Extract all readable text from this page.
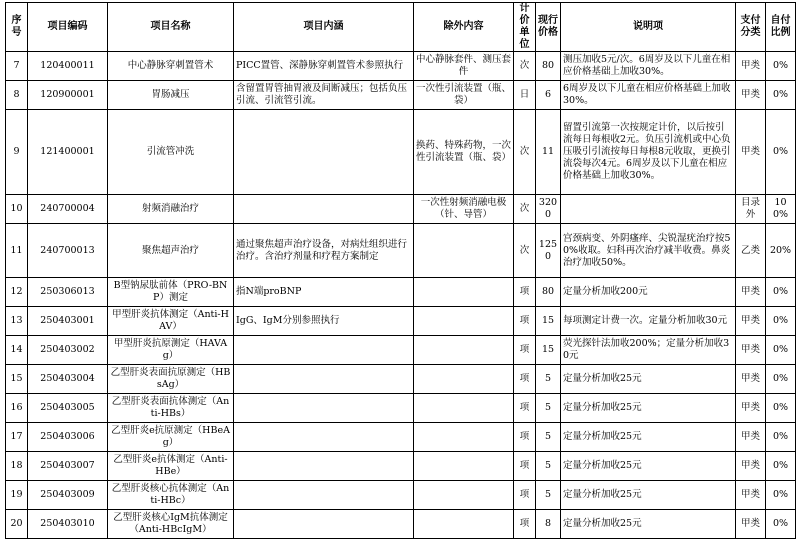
序号	项目编码	项目名称	项目内涵	除外内容	计价单位	现行价格	说明项	支付分类	自付比例
7	120400011	中心静脉穿刺置管术	PICC置管、深静脉穿刺置管术参照执行	中心静脉套件、测压套件	次	80	测压加收5元/次。6周岁及以下儿童在相应价格基础上加收30%。	甲类	0%
8	120900001	胃肠减压	含留置胃管抽胃液及间断减压；包括负压引流、引流管引流。	一次性引流装置（瓶、袋）	日	6	6周岁及以下儿童在相应价格基础上加收30%。	甲类	0%
9	121400001	引流管冲洗		换药、特殊药物，一次性引流装置（瓶、袋）	次	11	留置引流第一次按规定计价，以后按引流每日每根收2元。负压引流机或中心负压吸引引流按每日每根8元收取，更换引流袋每次4元。6周岁及以下儿童在相应价格基础上加收30%。	甲类	0%
10	240700004	射频消融治疗		一次性射频消融电极（针、导管）	次	3200		目录外	100%
11	240700013	聚焦超声治疗	通过聚焦超声治疗设备，对病灶组织进行治疗。含治疗剂量和疗程方案制定		次	1250	宫颈病变、外阴瘙痒、尖锐湿疣治疗按50%收取。妇科再次治疗减半收费。鼻炎治疗加收50%。	乙类	20%
12	250306013	B型钠尿肽前体（PRO-BNP）测定	指N端proBNP		项	80	定量分析加收200元	甲类	0%
13	250403001	甲型肝炎抗体测定（Anti-HAV）	IgG、IgM分别参照执行		项	15	每项测定计费一次。定量分析加收30元	甲类	0%
14	250403002	甲型肝炎抗原测定（HAVAg）			项	15	荧光探针法加收200%；定量分析加收30元	甲类	0%
15	250403004	乙型肝炎表面抗原测定（HBsAg）			项	5	定量分析加收25元	甲类	0%
16	250403005	乙型肝炎表面抗体测定（Anti-HBs）			项	5	定量分析加收25元	甲类	0%
17	250403006	乙型肝炎e抗原测定（HBeAg）			项	5	定量分析加收25元	甲类	0%
18	250403007	乙型肝炎e抗体测定（Anti-HBe）			项	5	定量分析加收25元	甲类	0%
19	250403009	乙型肝炎核心抗体测定（Anti-HBc）			项	5	定量分析加收25元	甲类	0%
20	250403010	乙型肝炎核心IgM抗体测定（Anti-HBcIgM）			项	8	定量分析加收25元	甲类	0%
